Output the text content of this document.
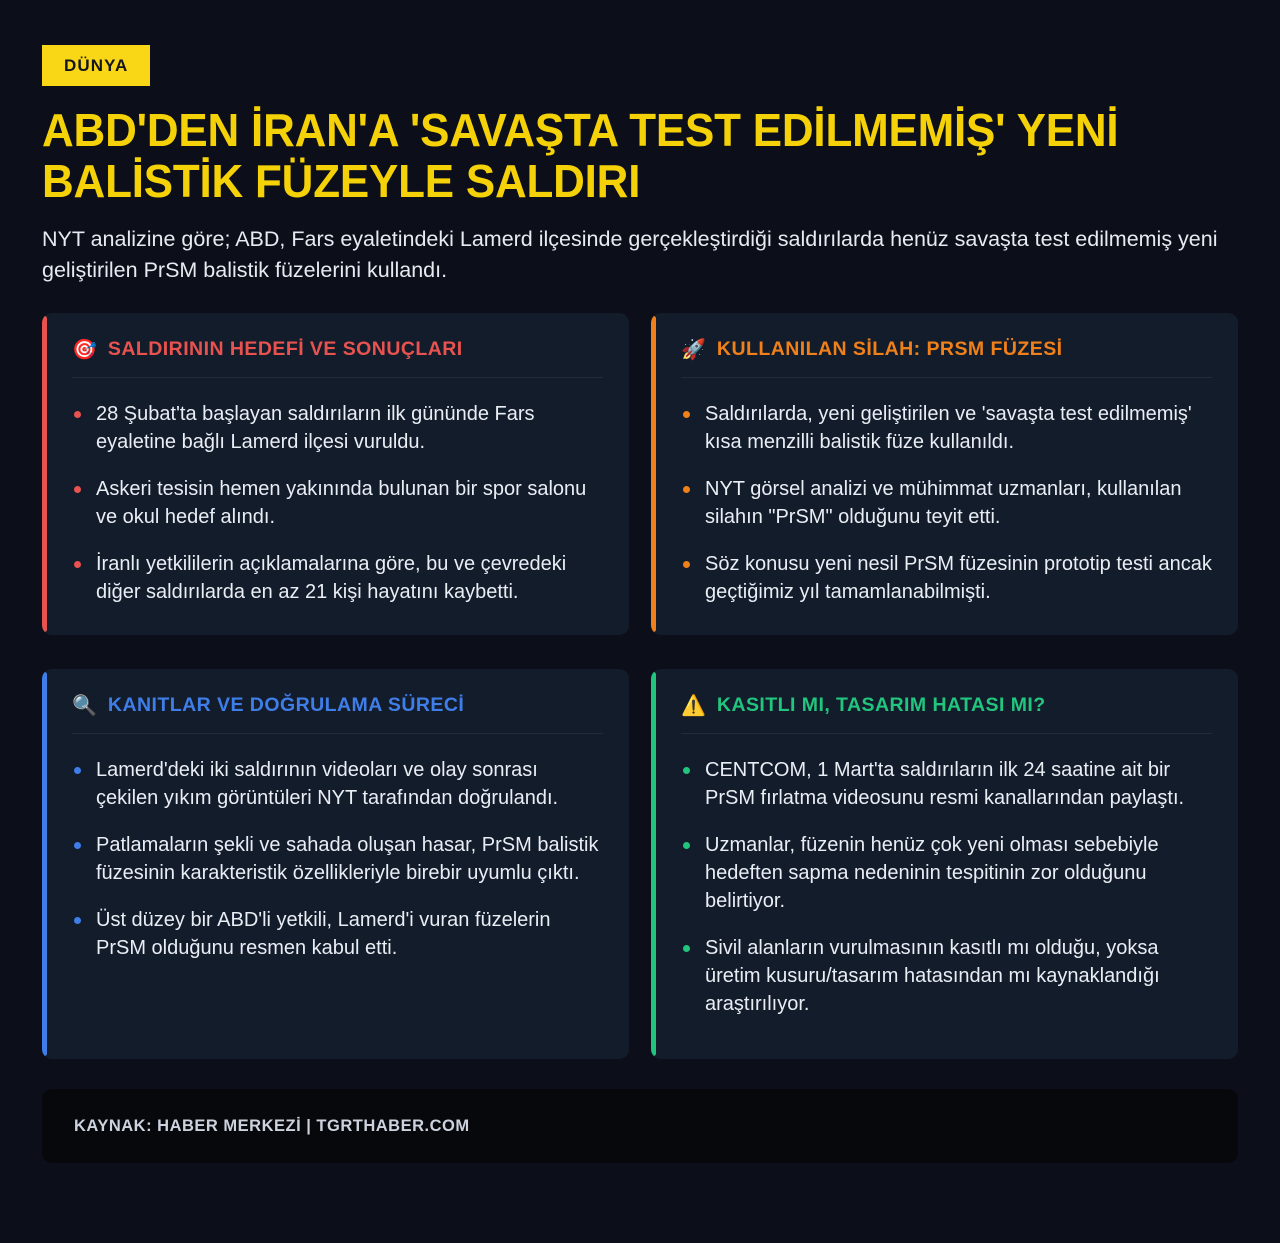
DÜNYA
ABD'DEN İRAN'A 'SAVAŞTA TEST EDİLMEMİŞ' YENİ BALİSTİK FÜZEYLE SALDIRI

NYT analizine göre; ABD, Fars eyaletindeki Lamerd ilçesinde gerçekleştirdiği saldırılarda henüz savaşta test edilmemiş yeni geliştirilen PrSM balistik füzelerini kullandı.

🎯 SALDIRININ HEDEFİ VE SONUÇLARI
28 Şubat'ta başlayan saldırıların ilk gününde Fars eyaletine bağlı Lamerd ilçesi vuruldu.
Askeri tesisin hemen yakınında bulunan bir spor salonu ve okul hedef alındı.
İranlı yetkililerin açıklamalarına göre, bu ve çevredeki diğer saldırılarda en az 21 kişi hayatını kaybetti.
🚀 KULLANILAN SİLAH: PRSM FÜZESİ
Saldırılarda, yeni geliştirilen ve 'savaşta test edilmemiş' kısa menzilli balistik füze kullanıldı.
NYT görsel analizi ve mühimmat uzmanları, kullanılan silahın "PrSM" olduğunu teyit etti.
Söz konusu yeni nesil PrSM füzesinin prototip testi ancak geçtiğimiz yıl tamamlanabilmişti.
🔍 KANITLAR VE DOĞRULAMA SÜRECİ
Lamerd'deki iki saldırının videoları ve olay sonrası çekilen yıkım görüntüleri NYT tarafından doğrulandı.
Patlamaların şekli ve sahada oluşan hasar, PrSM balistik füzesinin karakteristik özellikleriyle birebir uyumlu çıktı.
Üst düzey bir ABD'li yetkili, Lamerd'i vuran füzelerin PrSM olduğunu resmen kabul etti.
⚠️ KASITLI MI, TASARIM HATASI MI?
CENTCOM, 1 Mart'ta saldırıların ilk 24 saatine ait bir PrSM fırlatma videosunu resmi kanallarından paylaştı.
Uzmanlar, füzenin henüz çok yeni olması sebebiyle hedeften sapma nedeninin tespitinin zor olduğunu belirtiyor.
Sivil alanların vurulmasının kasıtlı mı olduğu, yoksa üretim kusuru/tasarım hatasından mı kaynaklandığı araştırılıyor.
KAYNAK: HABER MERKEZİ | TGRTHABER.COM
